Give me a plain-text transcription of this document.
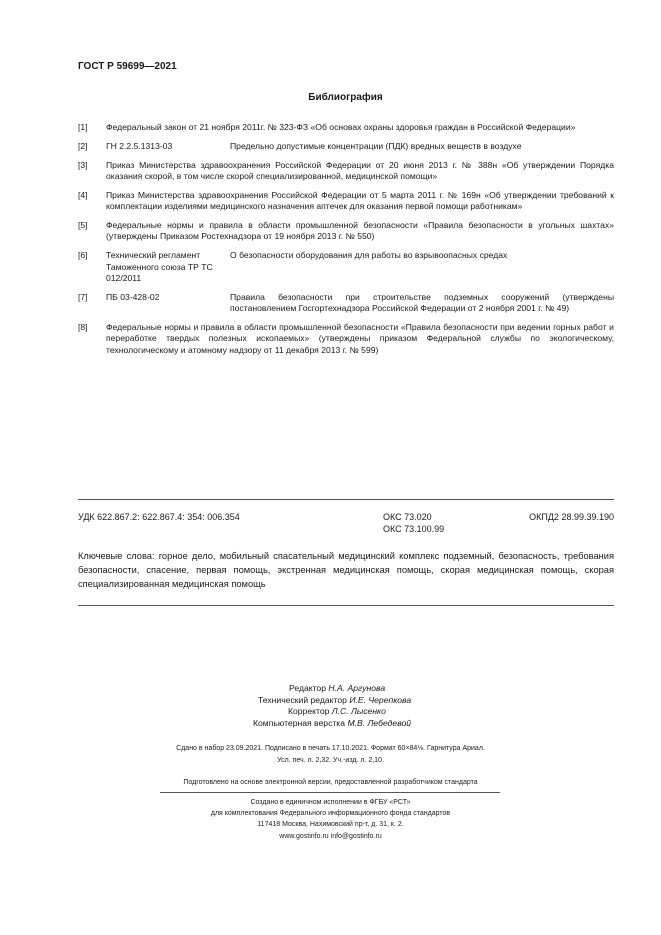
ГОСТ Р 59699—2021
Библиография
[1] Федеральный закон от 21 ноября 2011г. № 323-ФЗ «Об основах охраны здоровья граждан в Российской Федерации»
[2] ГН 2.2.5.1313-03	Предельно допустимые концентрации (ПДК) вредных веществ в воздухе
[3] Приказ Министерства здравоохранения Российской Федерации от 20 июня 2013 г. № 388н «Об утверждении Порядка оказания скорой, в том числе скорой специализированной, медицинской помощи»
[4] Приказ Министерства здравоохранения Российской Федерации от 5 марта 2011 г. № 169н «Об утверждении требований к комплектации изделиями медицинского назначения аптечек для оказания первой помощи работникам»
[5] Федеральные нормы и правила в области промышленной безопасности «Правила безопасности в угольных шахтах» (утверждены Приказом Ростехнадзора от 19 ноября 2013 г. № 550)
[6] Технический регламент Таможенного союза ТР ТС 012/2011
О безопасности оборудования для работы во взрывоопасных средах
[7] ПБ 03-428-02	Правила безопасности при строительстве подземных сооружений (утверждены постановлением Госгортехнадзора Российской Федерации от 2 ноября 2001 г. № 49)
[8] Федеральные нормы и правила в области промышленной безопасности «Правила безопасности при ведении горных работ и переработке твердых полезных ископаемых» (утверждены приказом Федеральной службы по экологическому, технологическому и атомному надзору от 11 декабря 2013 г. № 599)
УДК 622.867.2: 622.867.4: 354: 006.354	ОКС 73.020
ОКС 73.100.99
ОКПД2 28.99.39.190
Ключевые слова: горное дело, мобильный спасательный медицинский комплекс подземный, безопасность, требования безопасности, спасение, первая помощь, экстренная медицинская помощь, скорая медицинская помощь, скорая специализированная медицинская помощь
Редактор Н.А. Аргунова
Технический редактор И.Е. Черепкова
Корректор Л.С. Лысенко
Компьютерная верстка М.В. Лебедевой
Сдано в набор 23.09.2021. Подписано в печать 17.10.2021. Формат 60×84⅛. Гарнитура Ариал.
Усл. печ. л. 2,32. Уч.-изд. л. 2,10.
Подготовлено на основе электронной версии, предоставленной разработчиком стандарта
Создано в единичном исполнении в ФГБУ «РСТ»
для комплектования Федерального информационного фонда стандартов
117418 Москва, Нахимовский пр-т, д. 31, к. 2.
www.gostinfo.ru info@gostinfo.ru
